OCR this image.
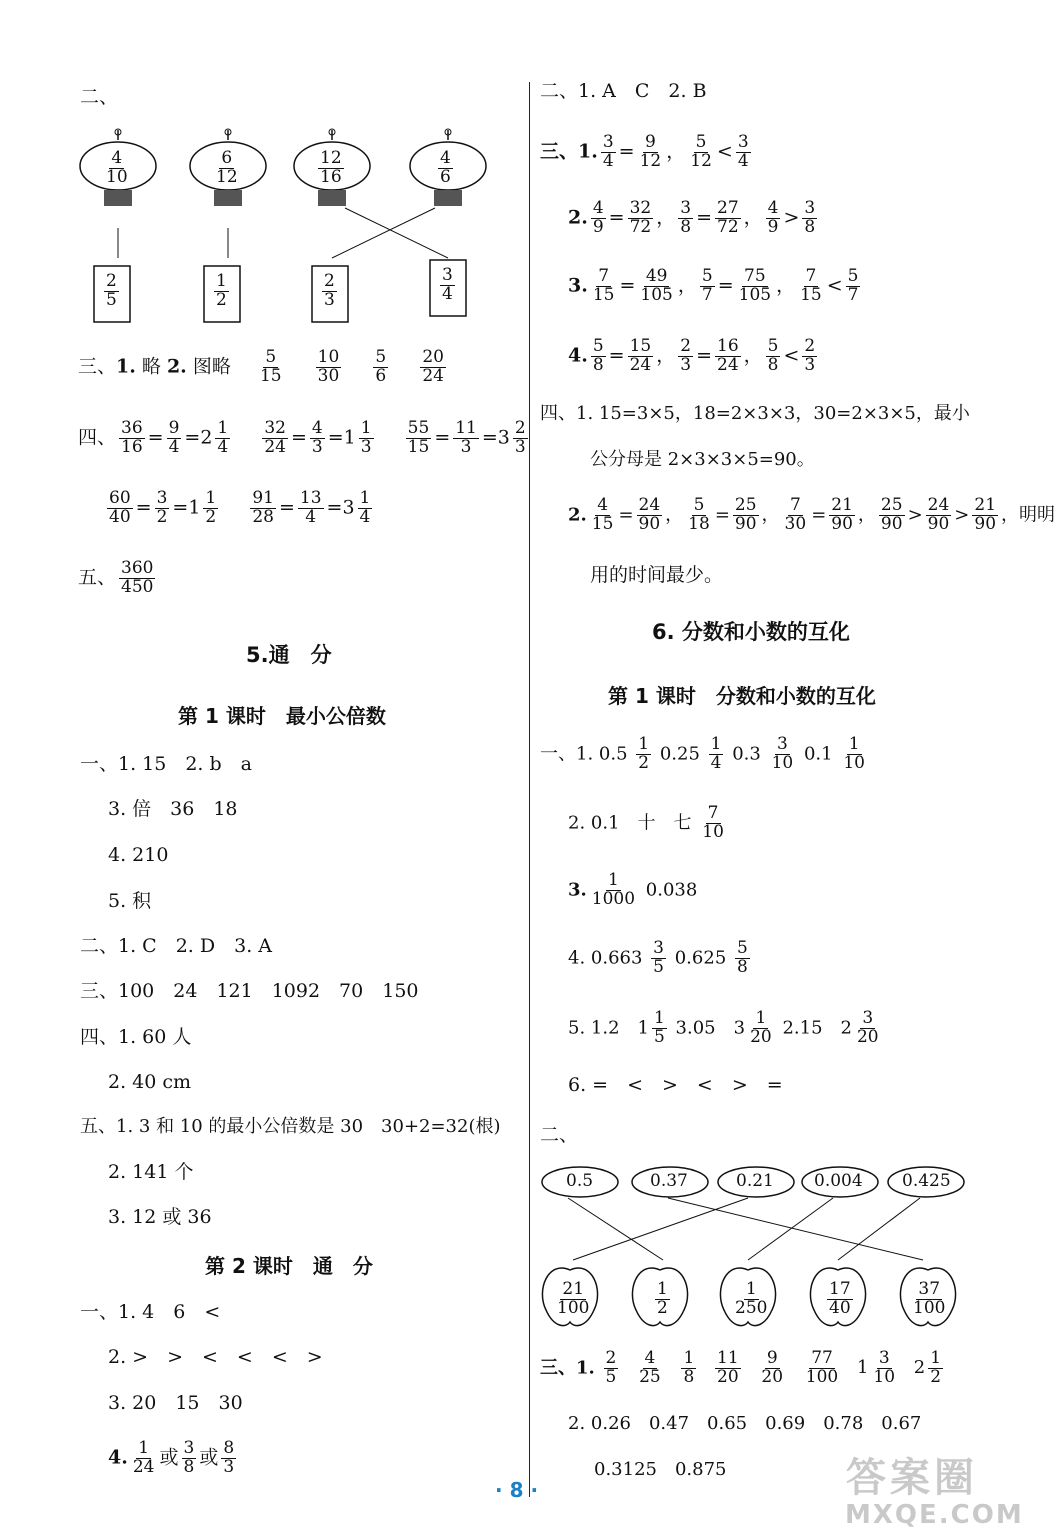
二、
$\frac{4}{10}$	$\frac{6}{12}$	$\frac{12}{16}$	$\frac{4}{6}$
$\frac{2}{5}$	$\frac{1}{2}$	$\frac{2}{3}$	$\frac{3}{4}$
三、1. 略 2. 图略 $\frac{5}{15}$
$\frac{10}{30}$
$\frac{5}{6}$
$\frac{20}{24}$
四、 $\frac{36}{16} = \frac{9}{4} =2 \frac{1}{4}$
$\frac{32}{24} = \frac{4}{3} =1 \frac{1}{3}$
$\frac{55}{15} = \frac{11}{3} =3 \frac{2}{3}$
$\frac{60}{40} = \frac{3}{2} =1 \frac{1}{2}$
$\frac{91}{28} = \frac{13}{4} =3 \frac{1}{4}$
五、 $\frac{360}{450}$
5.通　分
第 1 课时　最小公倍数
一、1. 15　2. b　a
3. 倍　36　18
4. 210
5. 积
二、1. C　2. D　3. A
三、100　24　121　1092　70　150
四、1. 60 人
2. 40 cm
五、1. 3 和 10 的最小公倍数是 30　30+2=32(根)
2. 141 个
3. 12 或 36
第 2 课时　通　分
一、1. 4　6　<
2. >　>　<　<　<　>
3. 20　15　30
4. $\frac{1}{24}$ 或 $\frac{3}{8}$ 或 $\frac{8}{3}$
二、1. A　C　2. B
三、1. $\frac{3}{4} = \frac{9}{12}$ ， $\frac{5}{12} < \frac{3}{4}$
2. $\frac{4}{9} = \frac{32}{72}$ ， $\frac{3}{8} = \frac{27}{72}$ ， $\frac{4}{9} > \frac{3}{8}$
3. $\frac{7}{15} = \frac{49}{105}$ ， $\frac{5}{7} = \frac{75}{105}$ ， $\frac{7}{15} < \frac{5}{7}$
4. $\frac{5}{8} = \frac{15}{24}$ ， $\frac{2}{3} = \frac{16}{24}$ ， $\frac{5}{8} < \frac{2}{3}$
四、1. 15=3×5，18=2×3×3，30=2×3×5，最小
公分母是 2×3×3×5=90。
2. $\frac{4}{15} = \frac{24}{90}$ ， $\frac{5}{18} = \frac{25}{90}$ ， $\frac{7}{30} = \frac{21}{90}$ ， $\frac{25}{90} > \frac{24}{90} > \frac{21}{90}$ ，明明
用的时间最少。
6. 分数和小数的互化
第 1 课时　分数和小数的互化
一、1. $0.5 \frac{1}{2} 0.25 \frac{1}{4} 0.3 \frac{3}{10} 0.1 \frac{1}{10}$
2. 0.1　十　七 $\frac{7}{10}$
3. $\frac{1}{1000} 0.038$
4. $0.663 \frac{3}{5} 0.625 \frac{5}{8}$
5. 1.2　$1 \frac{1}{5} 3.05$　$3 \frac{1}{20} 2.15$　$2 \frac{3}{20}$
6. =　<　>　<　>　=
二、
0.5	0.37	0.21 0.004 0.425
$\frac{21}{100}$	$\frac{1}{2}$	$\frac{1}{250}$	$\frac{17}{40}$	$\frac{37}{100}$
三、1. $\frac{2}{5}$
$\frac{4}{25}$
$\frac{1}{8}$
$\frac{11}{20}$
$\frac{9}{20}$
$\frac{77}{100} 1 \frac{3}{10} 2 \frac{1}{2}$
2. 0.26　0.47　0.65　0.69　0.78　0.67
0.3125　0.875
· 8 ·	答案圈
MXQE.COM
